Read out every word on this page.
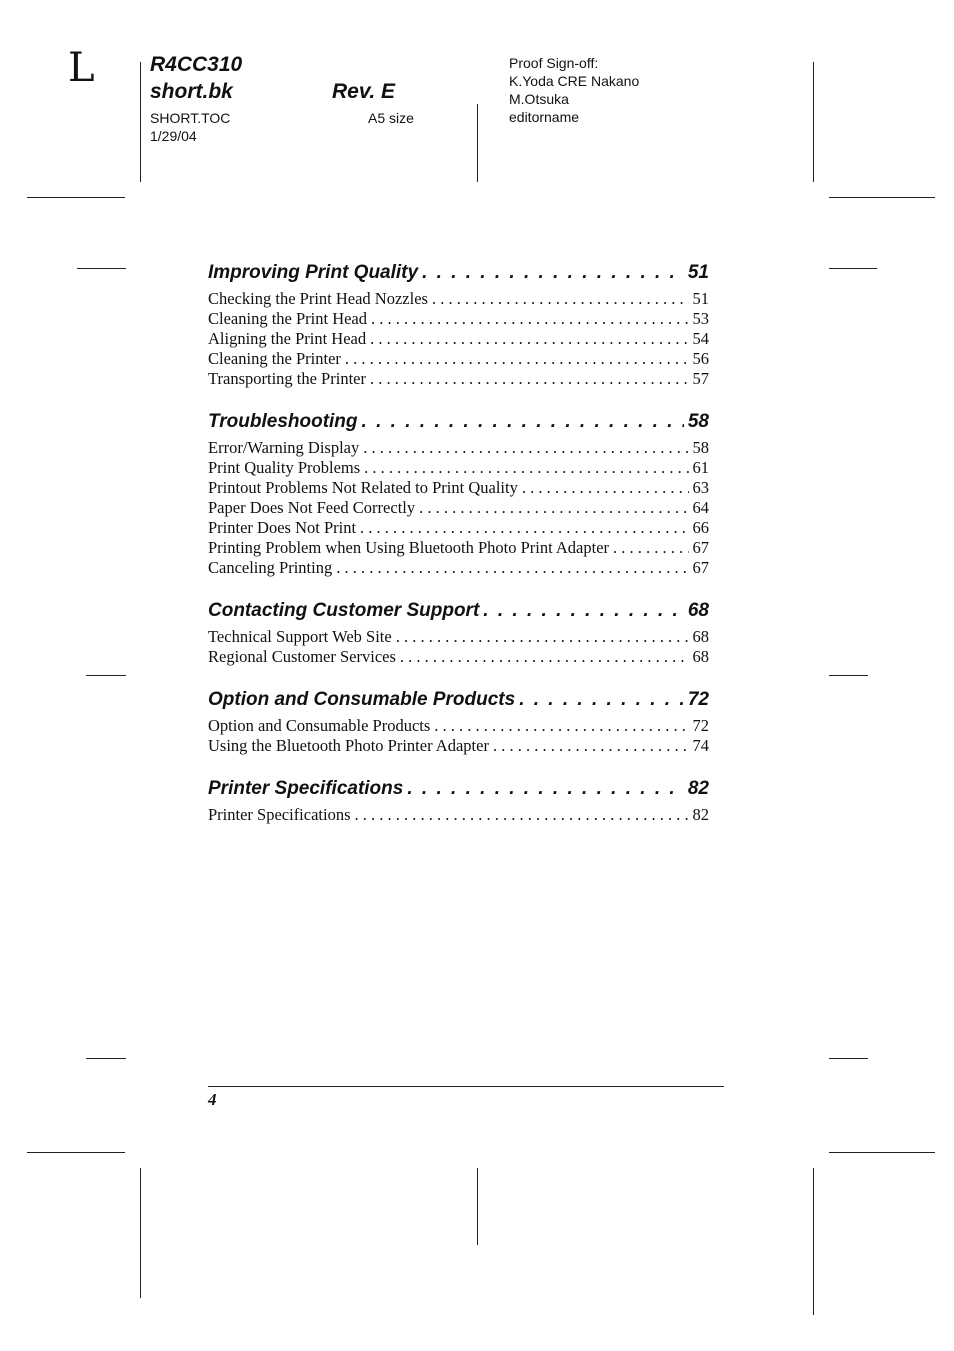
L	R4CC310
short.bk	Rev. E
SHORT.TOC	A5 size
1/29/04
Proof Sign-off:
K.Yoda CRE Nakano
M.Otsuka
editorname
Improving Print Quality . . .	51
Checking the Print Head Nozzles . . .	51
Cleaning the Print Head . . .	53
Aligning the Print Head . . .	54
Cleaning the Printer . . .	56
Transporting the Printer . . .	57
Troubleshooting . . .	58
Error/Warning Display . . .	58
Print Quality Problems . . .	61
Printout Problems Not Related to Print Quality . . .	63
Paper Does Not Feed Correctly . . .	64
Printer Does Not Print . . .	66
Printing Problem when Using Bluetooth Photo Print Adapter . . .	67
Canceling Printing . . .	67
Contacting Customer Support . . .	68
Technical Support Web Site . . .	68
Regional Customer Services . . .	68
Option and Consumable Products . . .	72
Option and Consumable Products . . .	72
Using the Bluetooth Photo Printer Adapter . . .	74
Printer Specifications . . .	82
Printer Specifications . . .	82
4
